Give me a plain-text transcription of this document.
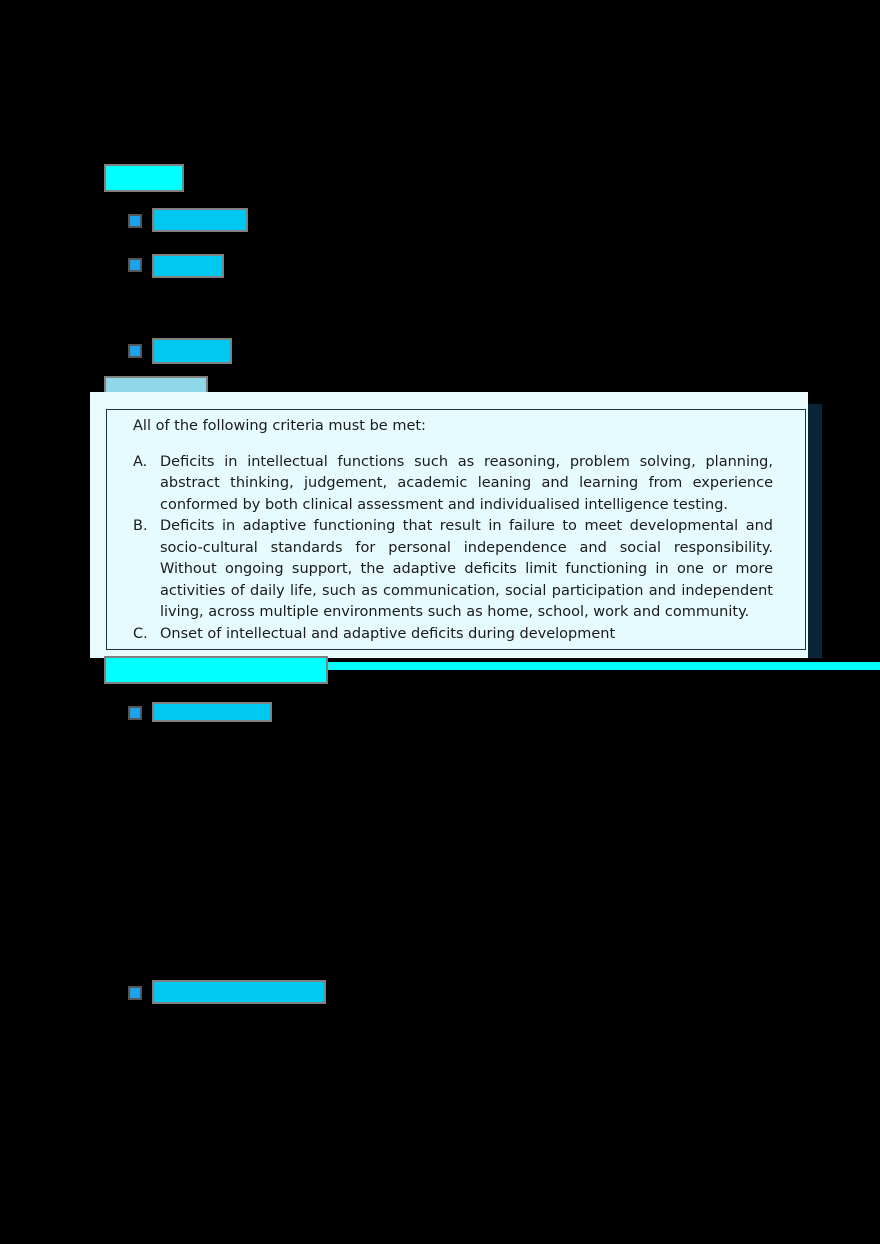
All of the following criteria must be met:

A. Deficits in intellectual functions such as reasoning, problem solving, planning, abstract thinking, judgement, academic leaning and learning from experience conformed by both clinical assessment and individualised intelligence testing.
B. Deficits in adaptive functioning that result in failure to meet developmental and socio-cultural standards for personal independence and social responsibility. Without ongoing support, the adaptive deficits limit functioning in one or more activities of daily life, such as communication, social participation and independent living, across multiple environments such as home, school, work and community.
C. Onset of intellectual and adaptive deficits during development
